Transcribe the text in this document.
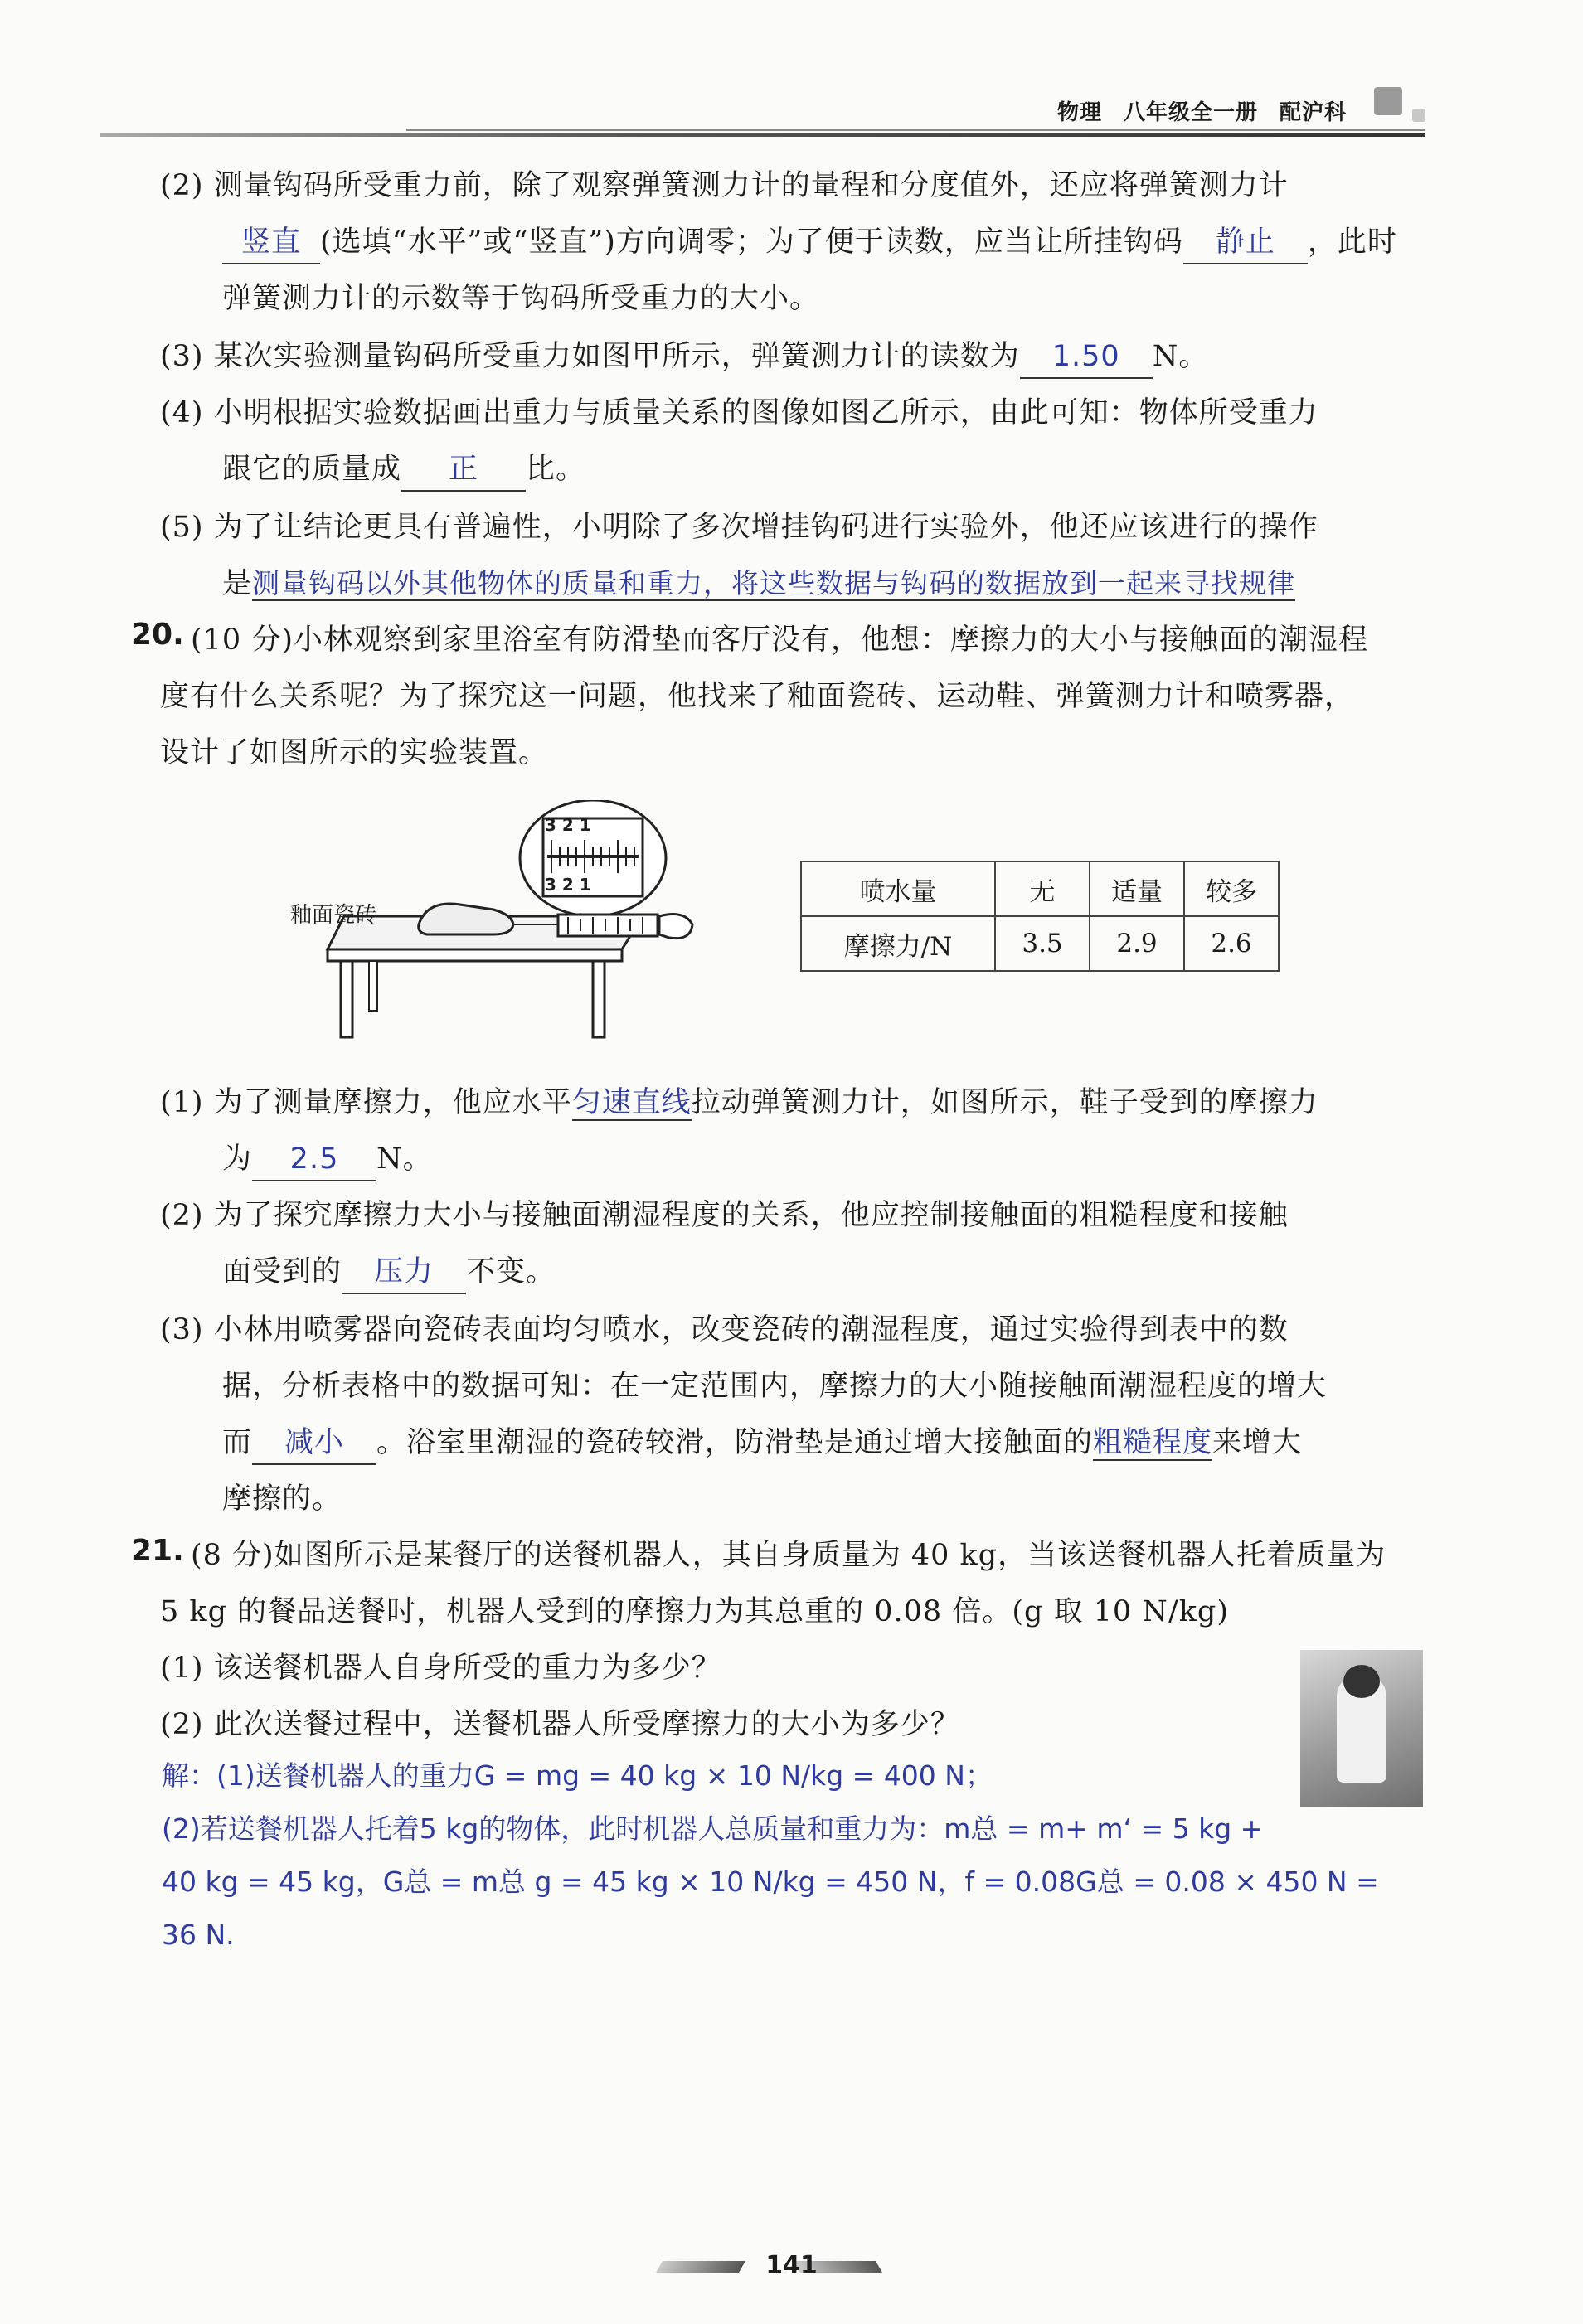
物理 八年级全一册 配沪科
(2) 测量钩码所受重力前，除了观察弹簧测力计的量程和分度值外，还应将弹簧测力计
竖直 (选填“水平”或“竖直”)方向调零；为了便于读数，应当让所挂钩码 静止 ，此时
弹簧测力计的示数等于钩码所受重力的大小。
(3) 某次实验测量钩码所受重力如图甲所示，弹簧测力计的读数为 1.50 N。
(4) 小明根据实验数据画出重力与质量关系的图像如图乙所示，由此可知：物体所受重力
跟它的质量成 正 比。
(5) 为了让结论更具有普遍性，小明除了多次增挂钩码进行实验外，他还应该进行的操作
是测量钩码以外其他物体的质量和重力，将这些数据与钩码的数据放到一起来寻找规律
20. (10 分)小林观察到家里浴室有防滑垫而客厅没有，他想：摩擦力的大小与接触面的潮湿程
度有什么关系呢？为了探究这一问题，他找来了釉面瓷砖、运动鞋、弹簧测力计和喷雾器，
设计了如图所示的实验装置。
釉面瓷砖
3 2 1
3 2 1	喷水量	无	适量	较多
摩擦力/N	3.5	2.9	2.6
(1) 为了测量摩擦力，他应水平匀速直线拉动弹簧测力计，如图所示，鞋子受到的摩擦力
为 2.5 N。
(2) 为了探究摩擦力大小与接触面潮湿程度的关系，他应控制接触面的粗糙程度和接触
面受到的 压力 不变。
(3) 小林用喷雾器向瓷砖表面均匀喷水，改变瓷砖的潮湿程度，通过实验得到表中的数
据，分析表格中的数据可知：在一定范围内，摩擦力的大小随接触面潮湿程度的增大
而 减小 。浴室里潮湿的瓷砖较滑，防滑垫是通过增大接触面的粗糙程度来增大
摩擦的。
21. (8 分)如图所示是某餐厅的送餐机器人，其自身质量为 40 kg，当该送餐机器人托着质量为
5 kg 的餐品送餐时，机器人受到的摩擦力为其总重的 0.08 倍。(g 取 10 N/kg)
(1) 该送餐机器人自身所受的重力为多少？
(2) 此次送餐过程中，送餐机器人所受摩擦力的大小为多少？
解：(1)送餐机器人的重力G = mg = 40 kg × 10 N/kg = 400 N；
(2)若送餐机器人托着5 kg的物体，此时机器人总质量和重力为：m总 = m+ m‘ = 5 kg +
40 kg = 45 kg，G总 = m总 g = 45 kg × 10 N/kg = 450 N，f = 0.08G总 = 0.08 × 450 N =
36 N.
141
